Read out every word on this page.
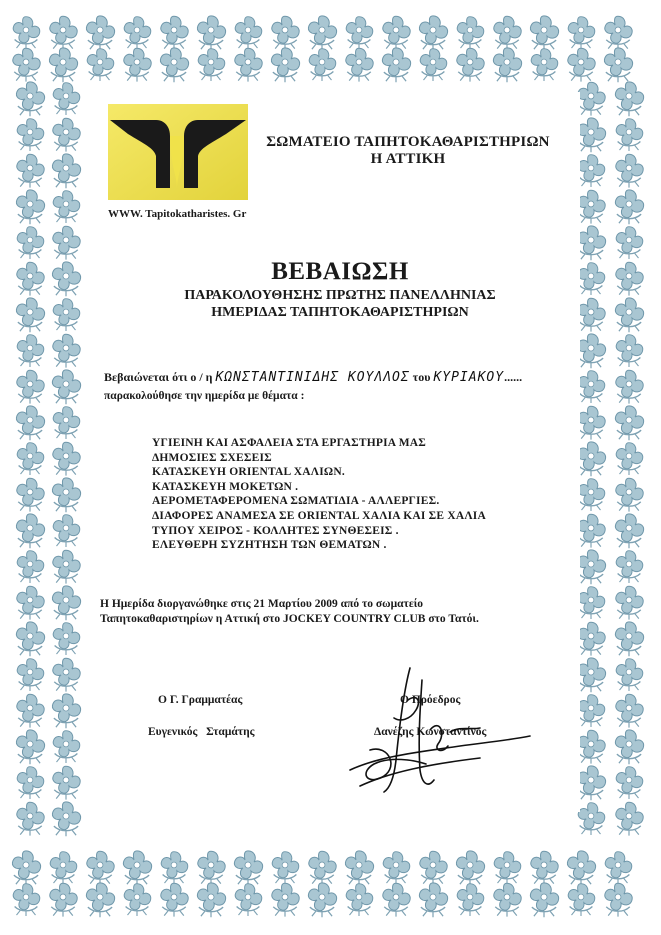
ΣΩΜΑΤΕΙΟ ΤΑΠΗΤΟΚΑΘΑΡΙΣΤΗΡΙΩΝ
Η ΑΤΤΙΚΗ
WWW. Tapitokatharistes. Gr
ΒΕΒΑΙΩΣΗ
ΠΑΡΑΚΟΛΟΥΘΗΣΗΣ ΠΡΩΤΗΣ ΠΑΝΕΛΛΗΝΙΑΣ
ΗΜΕΡΙΔΑΣ ΤΑΠΗΤΟΚΑΘΑΡΙΣΤΗΡΙΩΝ
Βεβαιώνεται ότι ο / η ΚΩΝΣΤΑΝΤΙΝΙΔΗΣ ΚΟΥΛΛΟΣ του ΚΥΡΙΑΚΟΥ......
παρακολούθησε την ημερίδα με θέματα :
ΥΓΙΕΙΝΗ ΚΑΙ ΑΣΦΑΛΕΙΑ ΣΤΑ ΕΡΓΑΣΤΗΡΙΑ ΜΑΣ
ΔΗΜΟΣΙΕΣ ΣΧΕΣΕΙΣ
ΚΑΤΑΣΚΕΥΗ ORIENTAL ΧΑΛΙΩΝ.
ΚΑΤΑΣΚΕΥΗ ΜΟΚΕΤΩΝ .
ΑΕΡΟΜΕΤΑΦΕΡΟΜΕΝΑ ΣΩΜΑΤΙΔΙΑ - ΑΛΛΕΡΓΙΕΣ.
ΔΙΑΦΟΡΕΣ ΑΝΑΜΕΣΑ ΣΕ ORIENTAL ΧΑΛΙΑ ΚΑΙ ΣΕ ΧΑΛΙΑ
ΤΥΠΟΥ ΧΕΙΡΟΣ - ΚΟΛΛΗΤΕΣ ΣΥΝΘΕΣΕΙΣ .
ΕΛΕΥΘΕΡΗ ΣΥΖΗΤΗΣΗ ΤΩΝ ΘΕΜΑΤΩΝ .
Η Ημερίδα διοργανώθηκε στις 21 Μαρτίου 2009 από το σωματείο
Ταπητοκαθαριστηρίων η Αττική στο JOCKEY COUNTRY CLUB στο Τατόι.
Ο Γ. Γραμματέας
Ευγενικός Σταμάτης
Ο Πρόεδρος
Δανέζης Κωνσταντίνος
